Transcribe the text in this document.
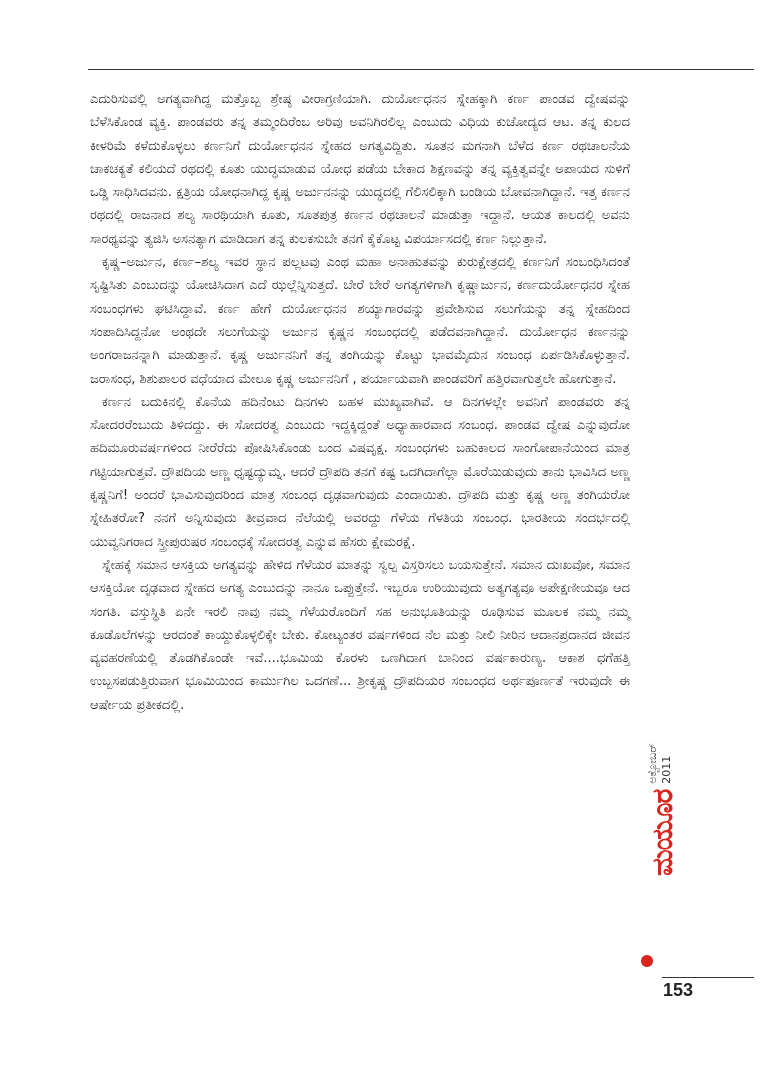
ಎದುರಿಸುವಲ್ಲಿ ಅಗತ್ಯವಾಗಿದ್ದ ಮತ್ತೊಬ್ಬ ಶ್ರೇಷ್ಠ ವೀರಾಗ್ರಣಿಯಾಗಿ. ದುರ್ಯೋಧನನ ಸ್ನೇಹಕ್ಕಾಗಿ ಕರ್ಣ ಪಾಂಡವ ದ್ವೇಷವನ್ನು ಬೆಳೆಸಿಕೊಂಡ ವ್ಯಕ್ತಿ. ಪಾಂಡವರು ತನ್ನ ತಮ್ಮಂದಿರೆಂಬ ಅರಿವು ಅವನಿಗಿರಲಿಲ್ಲ ಎಂಬುದು ವಿಧಿಯ ಕುಚೋದ್ಯದ ಆಟ. ತನ್ನ ಕುಲದ ಕೀಳರಿಮೆ ಕಳೆದುಕೊಳ್ಳಲು ಕರ್ಣನಿಗೆ ದುರ್ಯೋಧನನ ಸ್ನೇಹದ ಅಗತ್ಯವಿದ್ದಿತು. ಸೂತನ ಮಗನಾಗಿ ಬೆಳೆದ ಕರ್ಣ ರಥಚಾಲನೆಯ ಚಾಕಚಕ್ಯತೆ ಕಲಿಯದೆ ರಥದಲ್ಲಿ ಕೂತು ಯುದ್ಧಮಾಡುವ ಯೋಧ ಪಡೆಯ ಬೇಕಾದ ಶಿಕ್ಷಣವನ್ನು ತನ್ನ ವ್ಯಕ್ತಿತ್ವವನ್ನೇ ಅಪಾಯದ ಸುಳಿಗೆ ಒಡ್ಡಿ ಸಾಧಿಸಿದವನು. ಕ್ಷತ್ರಿಯ ಯೋಧನಾಗಿದ್ದ ಕೃಷ್ಣ ಅರ್ಜುನನನ್ನು ಯುದ್ಧದಲ್ಲಿ ಗೆಲಿಸಲಿಕ್ಕಾಗಿ ಬಂಡಿಯ ಬೋವನಾಗಿದ್ದಾನೆ. ಇತ್ತ ಕರ್ಣನ ರಥದಲ್ಲಿ ರಾಜನಾದ ಶಲ್ಯ ಸಾರಥಿಯಾಗಿ ಕೂತು, ಸೂತಪುತ್ರ ಕರ್ಣನ ರಥಚಾಲನೆ ಮಾಡುತ್ತಾ ಇದ್ದಾನೆ. ಆಯತ ಕಾಲದಲ್ಲಿ ಅವನು ಸಾರಥ್ಯವನ್ನು ತ್ಯಜಿಸಿ ಅಸನತ್ಯಾಗ ಮಾಡಿದಾಗ ತನ್ನ ಕುಲಕಸುಬೇ ತನಗೆ ಕೈಕೊಟ್ಟ ವಿಪರ್ಯಾಸದಲ್ಲಿ ಕರ್ಣ ನಿಲ್ಲುತ್ತಾನೆ.

ಕೃಷ್ಣ–ಅರ್ಜುನ, ಕರ್ಣ–ಶಲ್ಯ ಇವರ ಸ್ಥಾನ ಪಲ್ಲಟವು ಎಂಥ ಮಹಾ ಅನಾಹುತವನ್ನು ಕುರುಕ್ಷೇತ್ರದಲ್ಲಿ ಕರ್ಣನಿಗೆ ಸಂಬಂಧಿಸಿದಂತೆ ಸೃಷ್ಟಿಸಿತು ಎಂಬುದನ್ನು ಯೋಚಿಸಿದಾಗ ಎದೆ ಝಲ್ಲೆನ್ನಿಸುತ್ತದೆ. ಬೇರೆ ಬೇರೆ ಅಗತ್ಯಗಳಿಗಾಗಿ ಕೃಷ್ಣಾರ್ಜುನ, ಕರ್ಣದುರ್ಯೋಧನರ ಸ್ನೇಹ ಸಂಬಂಧಗಳು ಘಟಿಸಿದ್ದಾವೆ. ಕರ್ಣ ಹೇಗೆ ದುರ್ಯೋಧನನ ಶಯ್ಯಾಗಾರವನ್ನು ಪ್ರವೇಶಿಸುವ ಸಲುಗೆಯನ್ನು ತನ್ನ ಸ್ನೇಹದಿಂದ ಸಂಪಾದಿಸಿದ್ದನೋ ಅಂಥದೇ ಸಲುಗೆಯನ್ನು ಅರ್ಜುನ ಕೃಷ್ಣನ ಸಂಬಂಧದಲ್ಲಿ ಪಡೆದವನಾಗಿದ್ದಾನೆ. ದುರ್ಯೋಧನ ಕರ್ಣನನ್ನು ಅಂಗರಾಜನನ್ನಾಗಿ ಮಾಡುತ್ತಾನೆ. ಕೃಷ್ಣ ಅರ್ಜುನನಿಗೆ ತನ್ನ ತಂಗಿಯನ್ನು ಕೊಟ್ಟು ಭಾವಮೈದುನ ಸಂಬಂಧ ಏರ್ಪಡಿಸಿಕೊಳ್ಳುತ್ತಾನೆ. ಜರಾಸಂಧ, ಶಿಶುಪಾಲರ ವಧೆಯಾದ ಮೇಲೂ ಕೃಷ್ಣ ಅರ್ಜುನನಿಗೆ , ಪರ್ಯಾಯವಾಗಿ ಪಾಂಡವರಿಗೆ ಹತ್ತಿರವಾಗುತ್ತಲೇ ಹೋಗುತ್ತಾನೆ.

ಕರ್ಣನ ಬದುಕಿನಲ್ಲಿ ಕೊನೆಯ ಹದಿನೆಂಟು ದಿನಗಳು ಬಹಳ ಮುಖ್ಯವಾಗಿವೆ. ಆ ದಿನಗಳಲ್ಲೇ ಅವನಿಗೆ ಪಾಂಡವರು ತನ್ನ ಸೋದರರೆಂಬುದು ತಿಳಿದದ್ದು. ಈ ಸೋದರತ್ವ ಎಂಬುದು ಇದ್ದಕ್ಕಿದ್ದಂತೆ ಅಧ್ಯಾಹಾರವಾದ ಸಂಬಂಧ. ಪಾಂಡವ ದ್ವೇಷ ಎನ್ನುವುದೋ ಹದಿಮೂರುವರ್ಷಗಳಿಂದ ನೀರೆರೆದು ಪೋಷಿಸಿಕೊಂಡು ಬಂದ ವಿಷವೃಕ್ಷ. ಸಂಬಂಧಗಳು ಬಹುಕಾಲದ ಸಾಂಗೋಪಾನೆಯಿಂದ ಮಾತ್ರ ಗಟ್ಟಿಯಾಗುತ್ತವೆ. ದ್ರೌಪದಿಯ ಅಣ್ಣ ಧೃಷ್ಟದ್ಯುಮ್ನ. ಆದರೆ ದ್ರೌಪದಿ ತನಗೆ ಕಷ್ಟ ಒದಗಿದಾಗೆಲ್ಲಾ ಮೊರೆಯಿಡುವುದು ತಾನು ಭಾವಿಸಿದ ಅಣ್ಣ ಕೃಷ್ಣನಿಗೆ! ಅಂದರೆ ಭಾವಿಸುವುದರಿಂದ ಮಾತ್ರ ಸಂಬಂಧ ದೃಢವಾಗುವುದು ಎಂದಾಯಿತು. ದ್ರೌಪದಿ ಮತ್ತು ಕೃಷ್ಣ ಅಣ್ಣ ತಂಗಿಯರೋ ಸ್ನೇಹಿತರೋ? ನನಗೆ ಅನ್ನಿಸುವುದು ತೀವ್ರವಾದ ನೆಲೆಯಲ್ಲಿ ಅವರದ್ದು ಗೆಳೆಯ ಗೆಳತಿಯ ಸಂಬಂಧ. ಭಾರತೀಯ ಸಂದರ್ಭದಲ್ಲಿ ಯುವ್ವನಿಗರಾದ ಸ್ತ್ರೀಪುರುಷರ ಸಂಬಂಧಕ್ಕೆ ಸೋದರತ್ವ ಎನ್ನುವ ಹೆಸರು ಕ್ಷೇಮರಕ್ಷೆ.

ಸ್ನೇಹಕ್ಕೆ ಸಮಾನ ಆಸಕ್ತಿಯ ಅಗತ್ಯವನ್ನು ಹೇಳಿದ ಗೆಳೆಯರ ಮಾತನ್ನು ಸ್ವಲ್ಪ ವಿಸ್ತರಿಸಲು ಬಯಸುತ್ತೇನೆ. ಸಮಾನ ದುಃಖವೋ, ಸಮಾನ ಆಸಕ್ತಿಯೋ ದೃಢವಾದ ಸ್ನೇಹದ ಅಗತ್ಯ ಎಂಬುದನ್ನು ನಾನೂ ಒಪ್ಪುತ್ತೇನೆ. ಇಬ್ಬರೂ ಉರಿಯುವುದು ಅತ್ಯಗತ್ಯವೂ ಅಪೇಕ್ಷಣೀಯವೂ ಆದ ಸಂಗತಿ. ವಸ್ತುಸ್ಥಿತಿ ಏನೇ ಇರಲಿ ನಾವು ನಮ್ಮ ಗೆಳೆಯರೊಂದಿಗೆ ಸಹ ಅನುಭೂತಿಯನ್ನು ರೂಢಿಸುವ ಮೂಲಕ ನಮ್ಮ ನಮ್ಮ ಕೂಡೊಲೆಗಳನ್ನು ಆರದಂತೆ ಕಾಯ್ದುಕೊಳ್ಳಲಿಕ್ಕೇ ಬೇಕು. ಕೋಟ್ಯಂತರ ವರ್ಷಗಳಿಂದ ನೆಲ ಮತ್ತು ನೀಲಿ ನೀರಿನ ಆದಾನಪ್ರದಾನದ ಜೀವನ ವ್ಯವಹರಣೆಯಲ್ಲಿ ತೊಡಗಿಕೊಂಡೇ ಇವೆ....ಭೂಮಿಯ ಕೊರಳು ಒಣಗಿದಾಗ ಬಾನಿಂದ ವರ್ಷಕಾರುಣ್ಯ. ಆಕಾಶ ಧಗೆಹತ್ತಿ ಉಬ್ಬಸಪಡುತ್ತಿರುವಾಗ ಭೂಮಿಯಿಂದ ಕಾರ್ಮುಗಿಲ ಒದಗಣೆ... ಶ್ರೀಕೃಷ್ಣ ದ್ರೌಪದಿಯರ ಸಂಬಂಧದ ಅರ್ಥಪೂರ್ಣತೆ ಇರುವುದೇ ಈ ಆರ್ಷೇಯ ಪ್ರತೀಕದಲ್ಲಿ.

ಮಯೂರ
ಅಕ್ಟೋಬರ್ 2011
153
